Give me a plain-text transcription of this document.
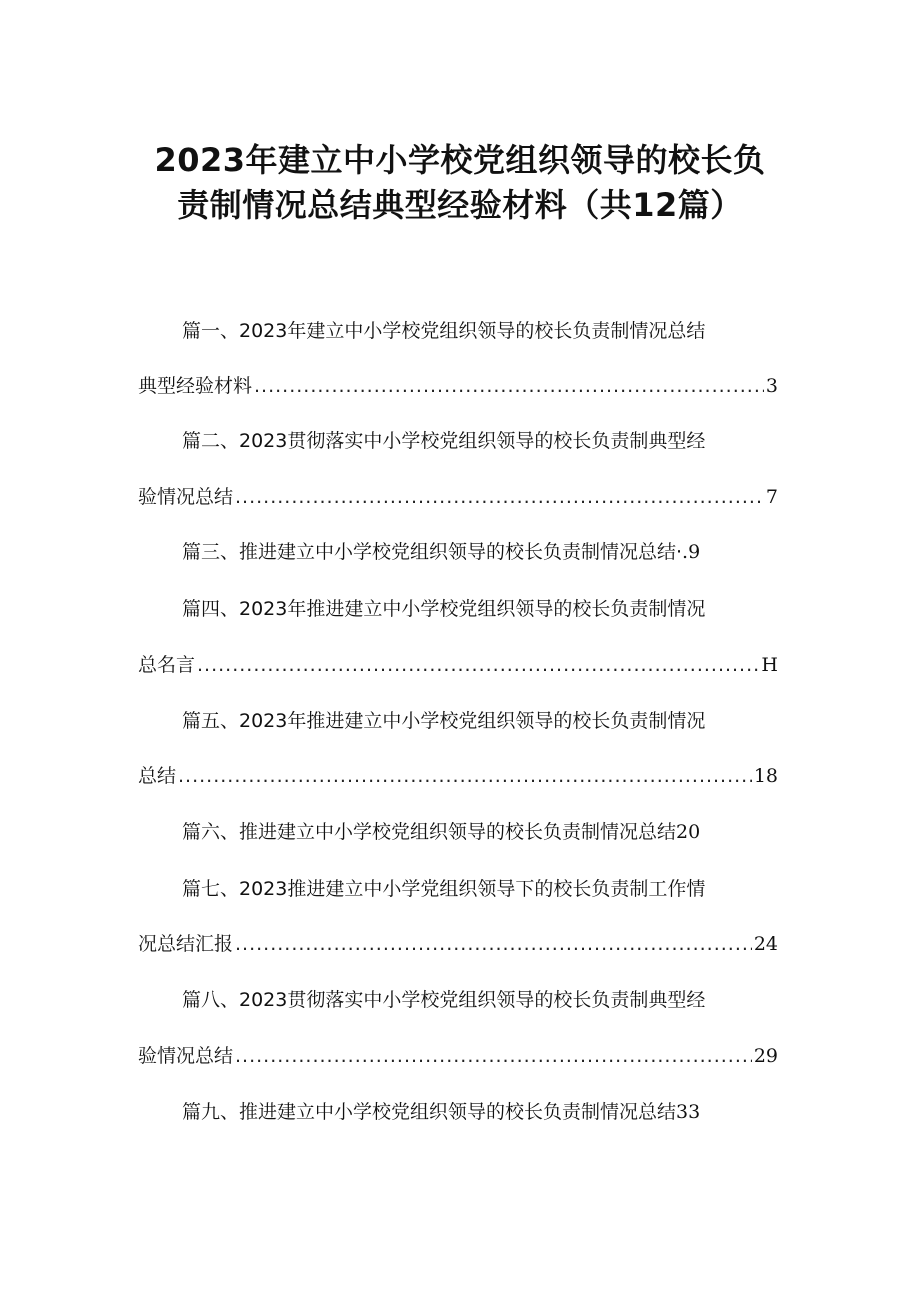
2023年建立中小学校党组织领导的校长负
责制情况总结典型经验材料（共12篇）
篇一、2023年建立中小学校党组织领导的校长负责制情况总结
典型经验材料 .....	3
篇二、2023贯彻落实中小学校党组织领导的校长负责制典型经
验情况总结 .....	7
篇三、推进建立中小学校党组织领导的校长负责制情况总结·.9
篇四、2023年推进建立中小学校党组织领导的校长负责制情况
总名言 .....	H
篇五、2023年推进建立中小学校党组织领导的校长负责制情况
总结 .....	18
篇六、推进建立中小学校党组织领导的校长负责制情况总结20
篇七、2023推进建立中小学党组织领导下的校长负责制工作情
况总结汇报 .....	24
篇八、2023贯彻落实中小学校党组织领导的校长负责制典型经
验情况总结 .....	29
篇九、推进建立中小学校党组织领导的校长负责制情况总结33
